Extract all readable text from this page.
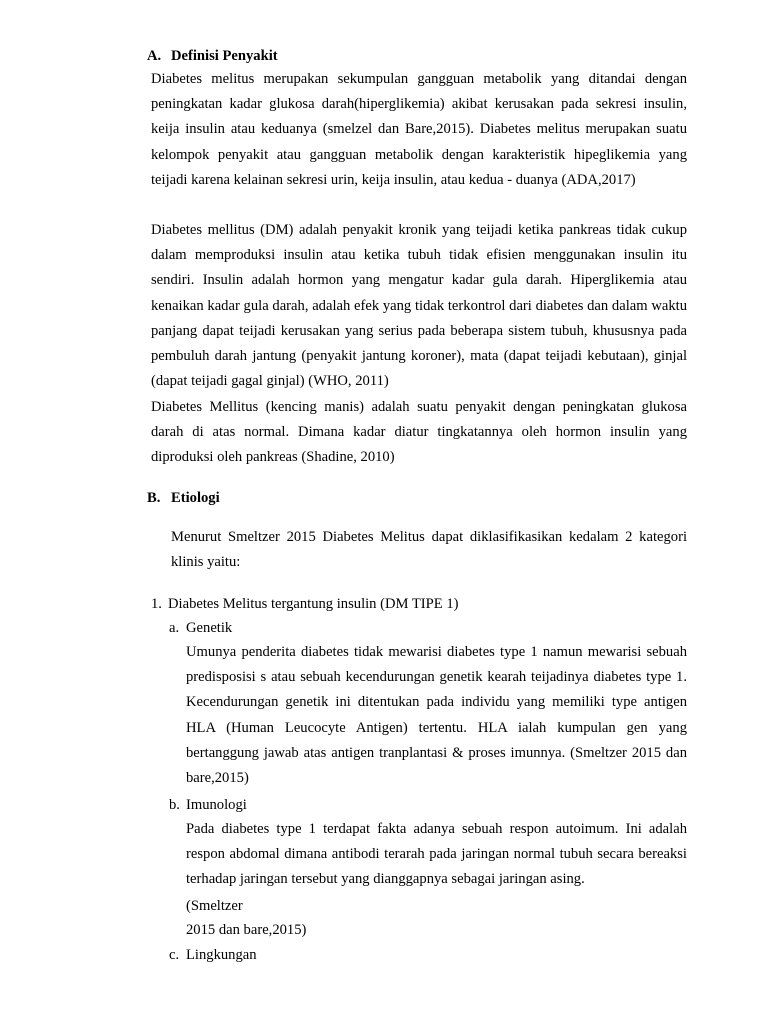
A. Definisi Penyakit
Diabetes melitus merupakan sekumpulan gangguan metabolik yang ditandai dengan peningkatan kadar glukosa darah(hiperglikemia) akibat kerusakan pada sekresi insulin, keija insulin atau keduanya (smelzel dan Bare,2015). Diabetes melitus merupakan suatu kelompok penyakit atau gangguan metabolik dengan karakteristik hipeglikemia yang teijadi karena kelainan sekresi urin, keija insulin, atau kedua - duanya (ADA,2017)
Diabetes mellitus (DM) adalah penyakit kronik yang teijadi ketika pankreas tidak cukup dalam memproduksi insulin atau ketika tubuh tidak efisien menggunakan insulin itu sendiri. Insulin adalah hormon yang mengatur kadar gula darah. Hiperglikemia atau kenaikan kadar gula darah, adalah efek yang tidak terkontrol dari diabetes dan dalam waktu panjang dapat teijadi kerusakan yang serius pada beberapa sistem tubuh, khususnya pada pembuluh darah jantung (penyakit jantung koroner), mata (dapat teijadi kebutaan), ginjal (dapat teijadi gagal ginjal) (WHO, 2011)
Diabetes Mellitus (kencing manis) adalah suatu penyakit dengan peningkatan glukosa darah di atas normal. Dimana kadar diatur tingkatannya oleh hormon insulin yang diproduksi oleh pankreas (Shadine, 2010)
B. Etiologi
Menurut Smeltzer 2015 Diabetes Melitus dapat diklasifikasikan kedalam 2 kategori klinis yaitu:
1. Diabetes Melitus tergantung insulin (DM TIPE 1)
a. Genetik
Umunya penderita diabetes tidak mewarisi diabetes type 1 namun mewarisi sebuah predisposisi s atau sebuah kecendurungan genetik kearah teijadinya diabetes type 1. Kecendurungan genetik ini ditentukan pada individu yang memiliki type antigen HLA (Human Leucocyte Antigen) tertentu. HLA ialah kumpulan gen yang bertanggung jawab atas antigen tranplantasi & proses imunnya. (Smeltzer 2015 dan bare,2015)
b. Imunologi
Pada diabetes type 1 terdapat fakta adanya sebuah respon autoimum. Ini adalah respon abdomal dimana antibodi terarah pada jaringan normal tubuh secara bereaksi terhadap jaringan tersebut yang dianggapnya sebagai jaringan asing.
(Smeltzer
2015 dan bare,2015)
c. Lingkungan
